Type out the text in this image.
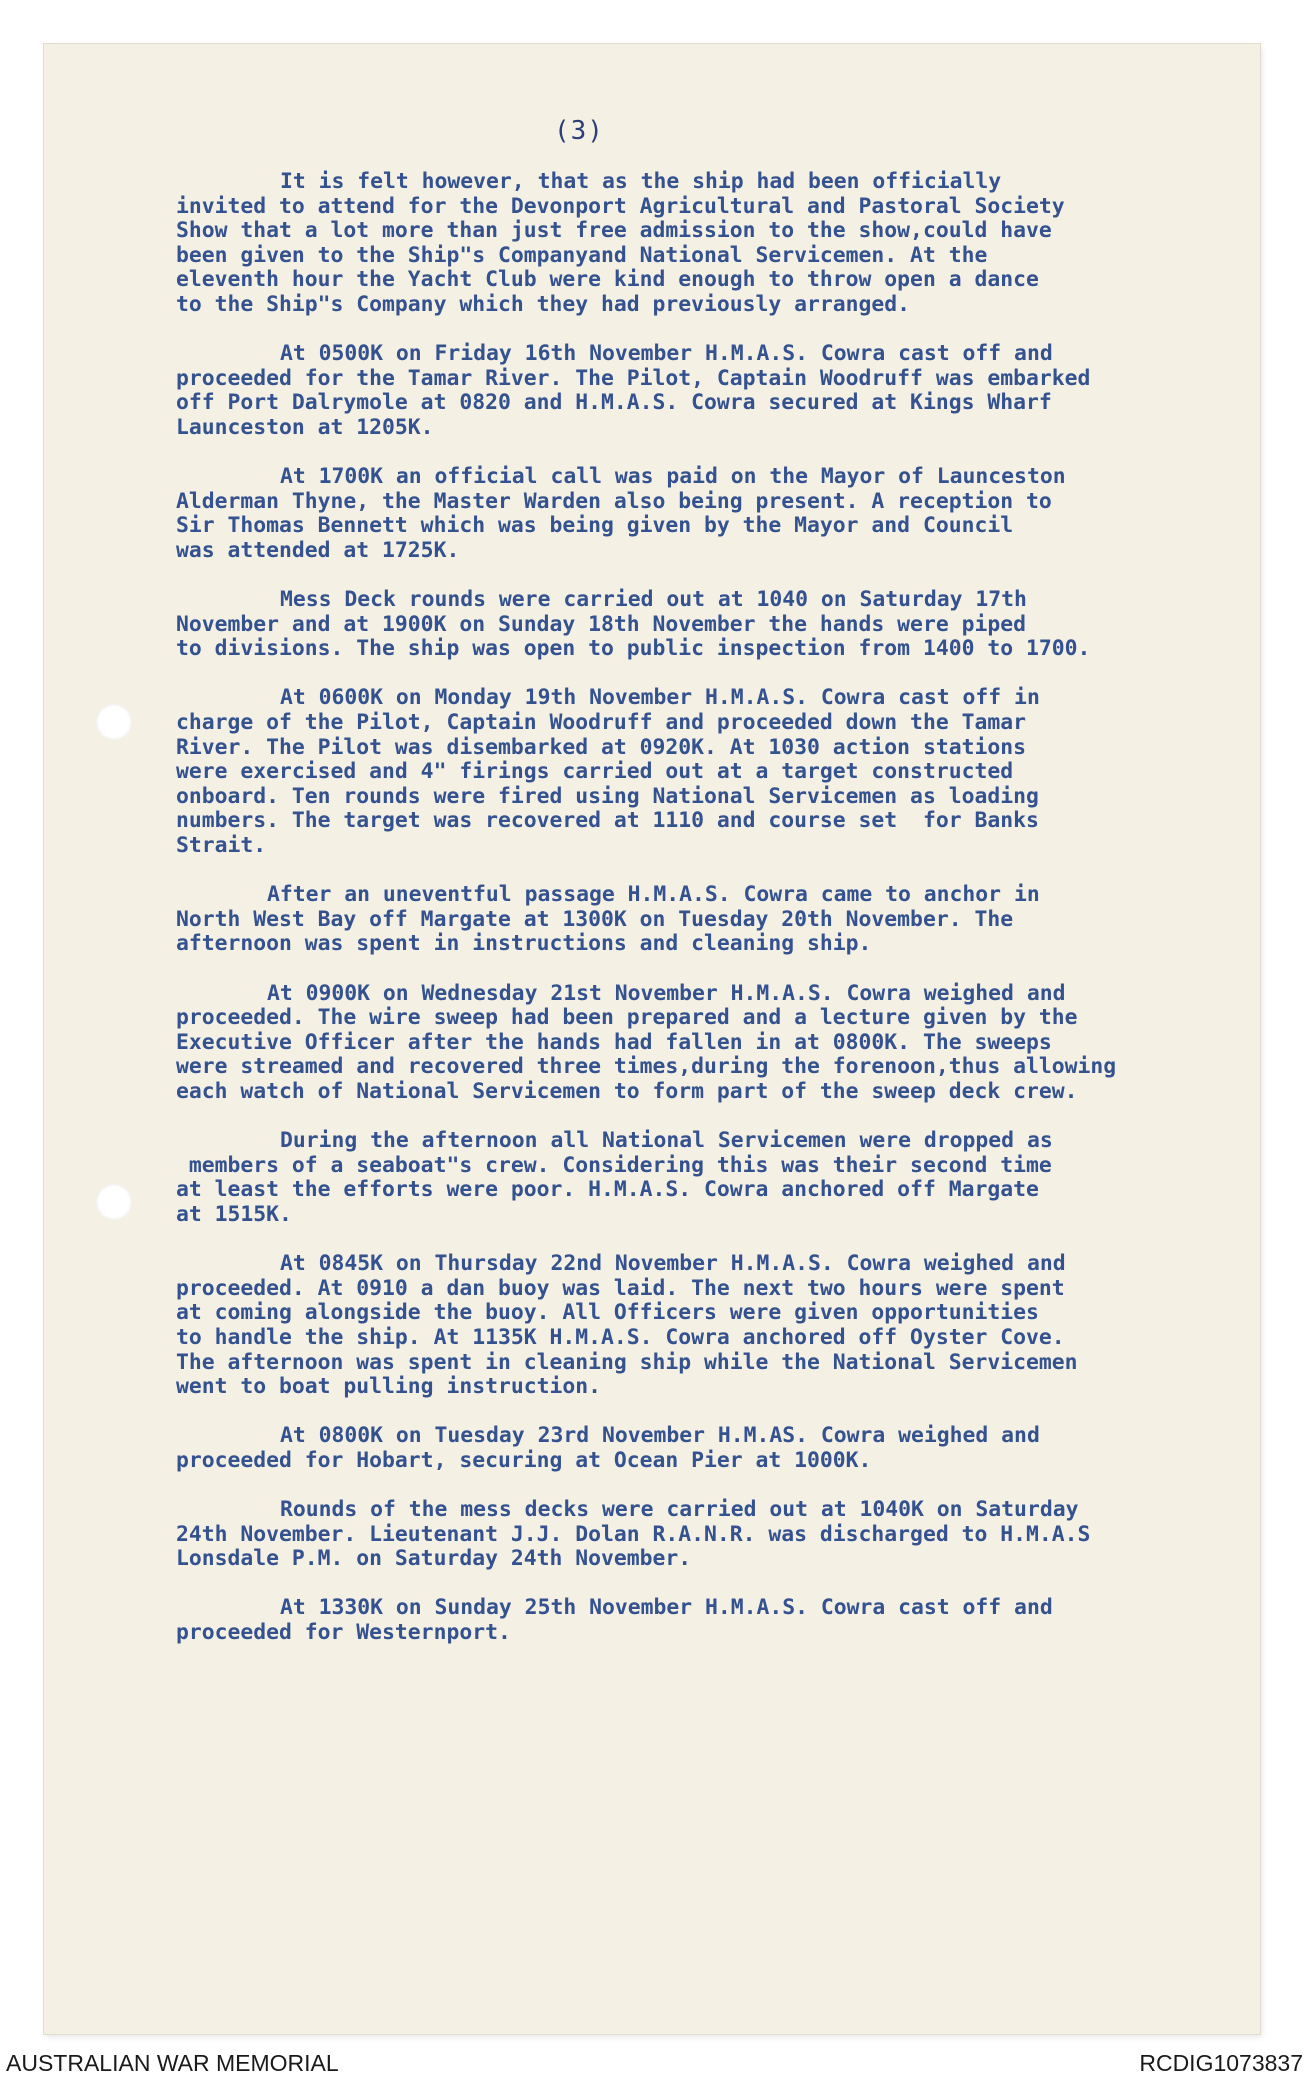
(3)
It is felt however, that as the ship had been officially
invited to attend for the Devonport Agricultural and Pastoral Society
Show that a lot more than just free admission to the show,could have
been given to the Ship"s Companyand National Servicemen. At the
eleventh hour the Yacht Club were kind enough to throw open a dance
to the Ship"s Company which they had previously arranged.
At 0500K on Friday 16th November H.M.A.S. Cowra cast off and
proceeded for the Tamar River. The Pilot, Captain Woodruff was embarked
off Port Dalrymole at 0820 and H.M.A.S. Cowra secured at Kings Wharf
Launceston at 1205K.
At 1700K an official call was paid on the Mayor of Launceston
Alderman Thyne, the Master Warden also being present. A reception to
Sir Thomas Bennett which was being given by the Mayor and Council
was attended at 1725K.
Mess Deck rounds were carried out at 1040 on Saturday 17th
November and at 1900K on Sunday 18th November the hands were piped
to divisions. The ship was open to public inspection from 1400 to 1700.
At 0600K on Monday 19th November H.M.A.S. Cowra cast off in
charge of the Pilot, Captain Woodruff and proceeded down the Tamar
River. The Pilot was disembarked at 0920K. At 1030 action stations
were exercised and 4" firings carried out at a target constructed
onboard. Ten rounds were fired using National Servicemen as loading
numbers. The target was recovered at 1110 and course set  for Banks
Strait.
After an uneventful passage H.M.A.S. Cowra came to anchor in
North West Bay off Margate at 1300K on Tuesday 20th November. The
afternoon was spent in instructions and cleaning ship.
At 0900K on Wednesday 21st November H.M.A.S. Cowra weighed and
proceeded. The wire sweep had been prepared and a lecture given by the
Executive Officer after the hands had fallen in at 0800K. The sweeps
were streamed and recovered three times,during the forenoon,thus allowing
each watch of National Servicemen to form part of the sweep deck crew.
During the afternoon all National Servicemen were dropped as
members of a seaboat"s crew. Considering this was their second time
at least the efforts were poor. H.M.A.S. Cowra anchored off Margate
at 1515K.
At 0845K on Thursday 22nd November H.M.A.S. Cowra weighed and
proceeded. At 0910 a dan buoy was laid. The next two hours were spent
at coming alongside the buoy. All Officers were given opportunities
to handle the ship. At 1135K H.M.A.S. Cowra anchored off Oyster Cove.
The afternoon was spent in cleaning ship while the National Servicemen
went to boat pulling instruction.
At 0800K on Tuesday 23rd November H.M.AS. Cowra weighed and
proceeded for Hobart, securing at Ocean Pier at 1000K.
Rounds of the mess decks were carried out at 1040K on Saturday
24th November. Lieutenant J.J. Dolan R.A.N.R. was discharged to H.M.A.S
Lonsdale P.M. on Saturday 24th November.
At 1330K on Sunday 25th November H.M.A.S. Cowra cast off and
proceeded for Westernport.
AUSTRALIAN WAR MEMORIAL	RCDIG1073837
